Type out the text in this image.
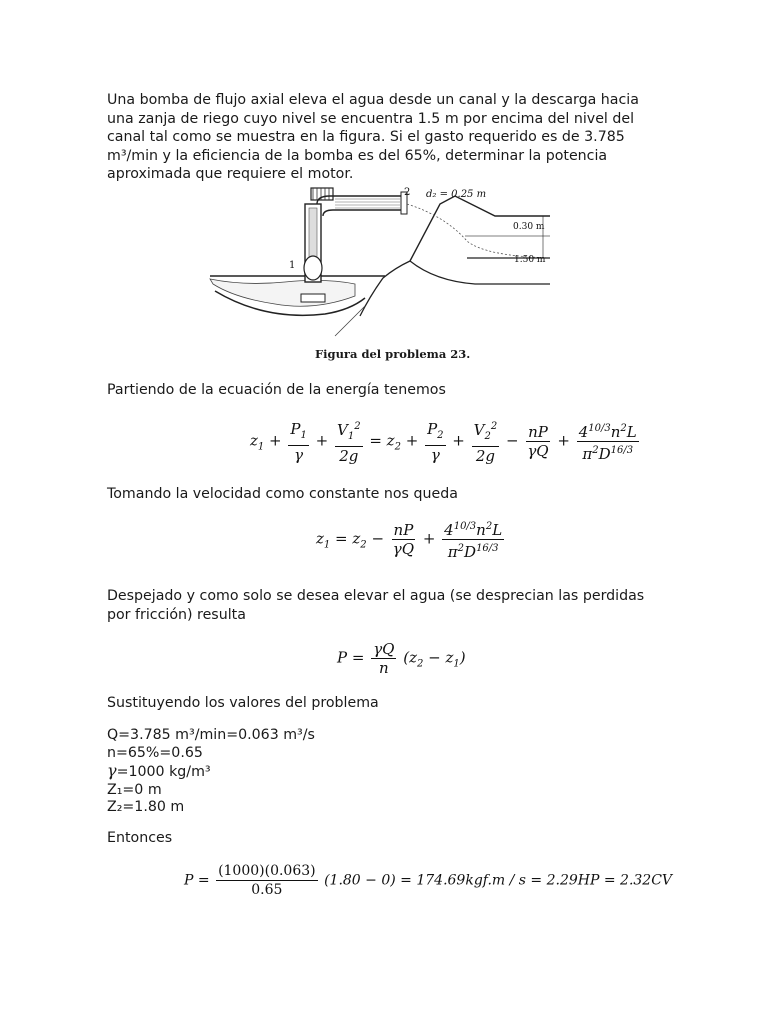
Una bomba de flujo axial eleva el agua desde un canal y la descarga hacia una zanja de riego cuyo nivel se encuentra 1.5 m por encima del nivel del canal tal como se muestra en la figura. Si el gasto requerido es de 3.785 m³/min y la eficiencia de la bomba es del 65%, determinar la potencia aproximada que requiere el motor.

2 d₂ = 0.25 m
0.30 m
1.50 m
1
Figura del problema 23.

Partiendo de la ecuación de la energía tenemos

$z_1 + \frac{P_1}{\gamma} + \frac{V_1^2}{2g} = z_2 + \frac{P_2}{\gamma} + \frac{V_2^2}{2g} - \frac{nP}{\gamma Q} + \frac{4^{10/3}n^2L}{\pi^2D^{16/3}}$

Tomando la velocidad como constante nos queda

$z_1 = z_2 - \frac{nP}{\gamma Q} + \frac{4^{10/3}n^2L}{\pi^2D^{16/3}}$

Despejado y como solo se desea elevar el agua (se desprecian las perdidas por fricción) resulta

$P = \frac{\gamma Q}{n} (z_2 - z_1)$

Sustituyendo los valores del problema

Q=3.785 m³/min=0.063 m³/s
n=65%=0.65
γ=1000 kg/m³
Z₁=0 m
Z₂=1.80 m

Entonces

$P = \frac{(1000)(0.063)}{0.65} (1.80 - 0) = 174.69kgf.m / s = 2.29HP = 2.32CV$
